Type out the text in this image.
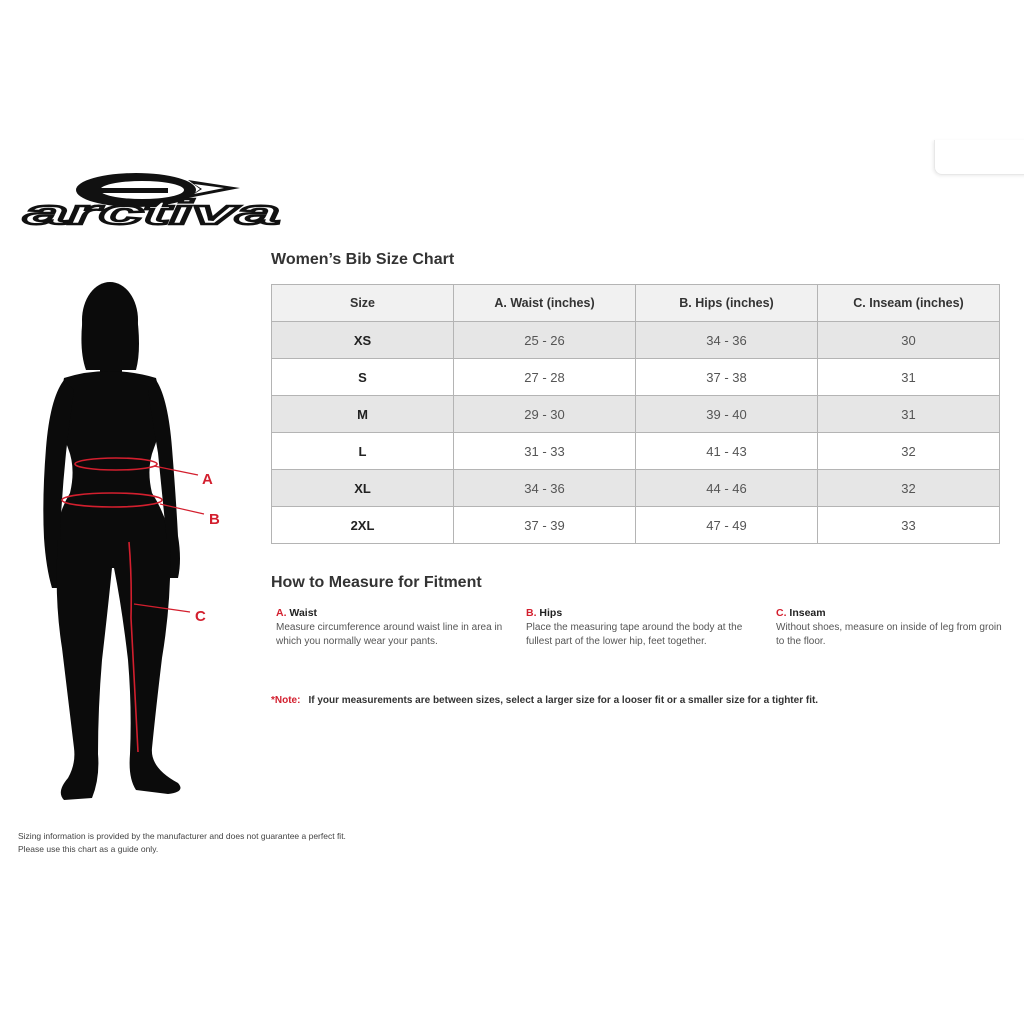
arctiva
A
B
C
Women’s Bib Size Chart
Size	A. Waist (inches)	B. Hips (inches)	C. Inseam (inches)
XS	25 - 26	34 - 36	30
S	27 - 28	37 - 38	31
M	29 - 30	39 - 40	31
L	31 - 33	41 - 43	32
XL	34 - 36	44 - 46	32
2XL	37 - 39	47 - 49	33
How to Measure for Fitment
A. Waist
Measure circumference around waist line in area in which you normally wear your pants.
B. Hips
Place the measuring tape around the body at the fullest part of the lower hip, feet together.
C. Inseam
Without shoes, measure on inside of leg from groin to the floor.
*Note: If your measurements are between sizes, select a larger size for a looser fit or a smaller size for a tighter fit.
Sizing information is provided by the manufacturer and does not guarantee a perfect fit.
Please use this chart as a guide only.
